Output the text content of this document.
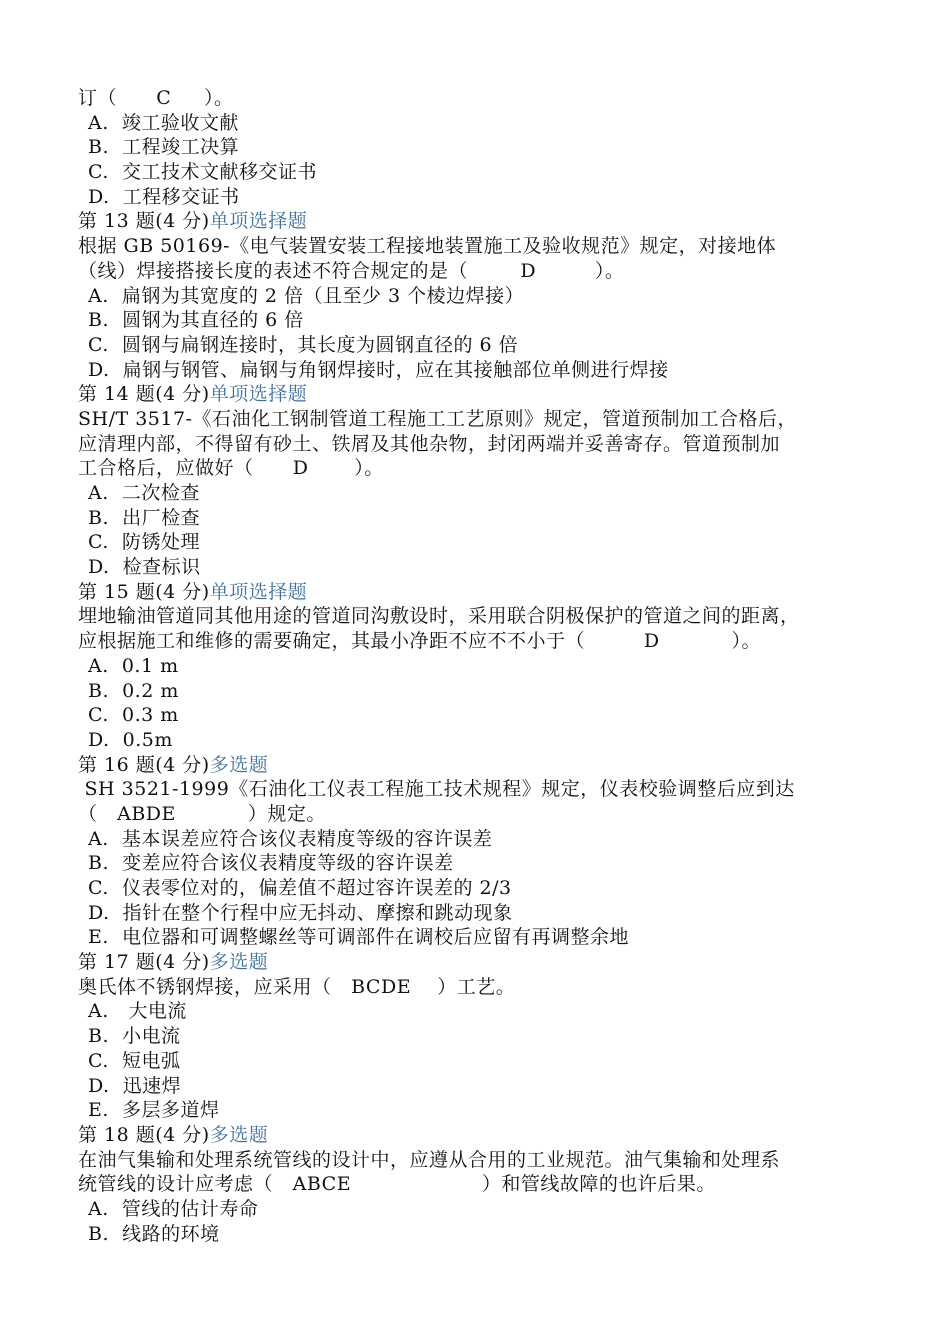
订（      C     ）。
A.  竣工验收文献
B.  工程竣工决算
C.  交工技术文献移交证书
D.  工程移交证书
第 13 题(4 分)单项选择题
根据 GB 50169-《电气装置安装工程接地装置施工及验收规范》规定，对接地体
（线）焊接搭接长度的表述不符合规定的是（        D         ）。
A.  扁钢为其宽度的 2 倍（且至少 3 个棱边焊接）
B.  圆钢为其直径的 6 倍
C.  圆钢与扁钢连接时，其长度为圆钢直径的 6 倍
D.  扁钢与钢管、扁钢与角钢焊接时，应在其接触部位单侧进行焊接
第 14 题(4 分)单项选择题
SH/T 3517-《石油化工钢制管道工程施工工艺原则》规定，管道预制加工合格后，
应清理内部，不得留有砂土、铁屑及其他杂物，封闭两端并妥善寄存。管道预制加
工合格后，应做好（      D       ）。
A.  二次检查
B.  出厂检查
C.  防锈处理
D.  检查标识
第 15 题(4 分)单项选择题
埋地输油管道同其他用途的管道同沟敷设时，采用联合阴极保护的管道之间的距离，
应根据施工和维修的需要确定，其最小净距不应不不小于（         D           ）。
A.  0.1 m
B.  0.2 m
C.  0.3 m
D.  0.5m
第 16 题(4 分)多选题
SH 3521-1999《石油化工仪表工程施工技术规程》规定，仪表校验调整后应到达
（   ABDE           ）规定。
A.  基本误差应符合该仪表精度等级的容许误差
B.  变差应符合该仪表精度等级的容许误差
C.  仪表零位对的，偏差值不超过容许误差的 2/3
D.  指针在整个行程中应无抖动、摩擦和跳动现象
E.  电位器和可调整螺丝等可调部件在调校后应留有再调整余地
第 17 题(4 分)多选题
奥氏体不锈钢焊接，应采用（   BCDE    ）工艺。
A.   大电流
B.  小电流
C.  短电弧
D.  迅速焊
E.  多层多道焊
第 18 题(4 分)多选题
在油气集输和处理系统管线的设计中，应遵从合用的工业规范。油气集输和处理系
统管线的设计应考虑（   ABCE                    ）和管线故障的也许后果。
A.  管线的估计寿命
B.  线路的环境
